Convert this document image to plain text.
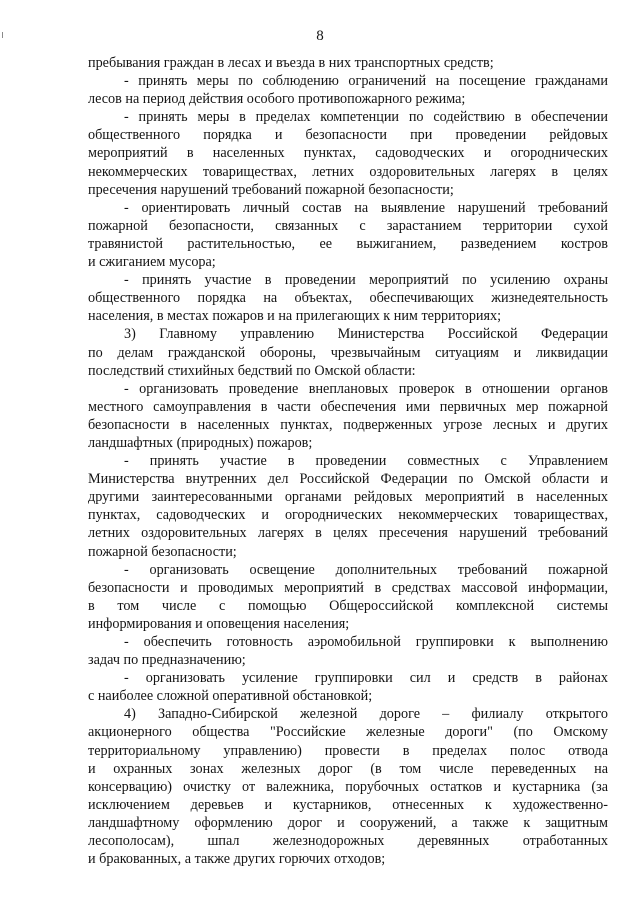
8
пребывания граждан в лесах и въезда в них транспортных средств;
- принять меры по соблюдению ограничений на посещение гражданами
лесов на период действия особого противопожарного режима;
- принять меры в пределах компетенции по содействию в обеспечении
общественного порядка и безопасности при проведении рейдовых
мероприятий в населенных пунктах, садоводческих и огороднических
некоммерческих товариществах, летних оздоровительных лагерях в целях
пресечения нарушений требований пожарной безопасности;
- ориентировать личный состав на выявление нарушений требований
пожарной безопасности, связанных с зарастанием территории сухой
травянистой растительностью, ее выжиганием, разведением костров
и сжиганием мусора;
- принять участие в проведении мероприятий по усилению охраны
общественного порядка на объектах, обеспечивающих жизнедеятельность
населения, в местах пожаров и на прилегающих к ним территориях;
3) Главному управлению Министерства Российской Федерации
по делам гражданской обороны, чрезвычайным ситуациям и ликвидации
последствий стихийных бедствий по Омской области:
- организовать проведение внеплановых проверок в отношении органов
местного самоуправления в части обеспечения ими первичных мер пожарной
безопасности в населенных пунктах, подверженных угрозе лесных и других
ландшафтных (природных) пожаров;
- принять участие в проведении совместных с Управлением
Министерства внутренних дел Российской Федерации по Омской области и
другими заинтересованными органами рейдовых мероприятий в населенных
пунктах, садоводческих и огороднических некоммерческих товариществах,
летних оздоровительных лагерях в целях пресечения нарушений требований
пожарной безопасности;
- организовать освещение дополнительных требований пожарной
безопасности и проводимых мероприятий в средствах массовой информации,
в том числе с помощью Общероссийской комплексной системы
информирования и оповещения населения;
- обеспечить готовность аэромобильной группировки к выполнению
задач по предназначению;
- организовать усиление группировки сил и средств в районах
с наиболее сложной оперативной обстановкой;
4) Западно-Сибирской железной дороге – филиалу открытого
акционерного общества "Российские железные дороги" (по Омскому
территориальному управлению) провести в пределах полос отвода
и охранных зонах железных дорог (в том числе переведенных на
консервацию) очистку от валежника, порубочных остатков и кустарника (за
исключением деревьев и кустарников, отнесенных к художественно-
ландшафтному оформлению дорог и сооружений, а также к защитным
лесополосам), шпал железнодорожных деревянных отработанных
и бракованных, а также других горючих отходов;
